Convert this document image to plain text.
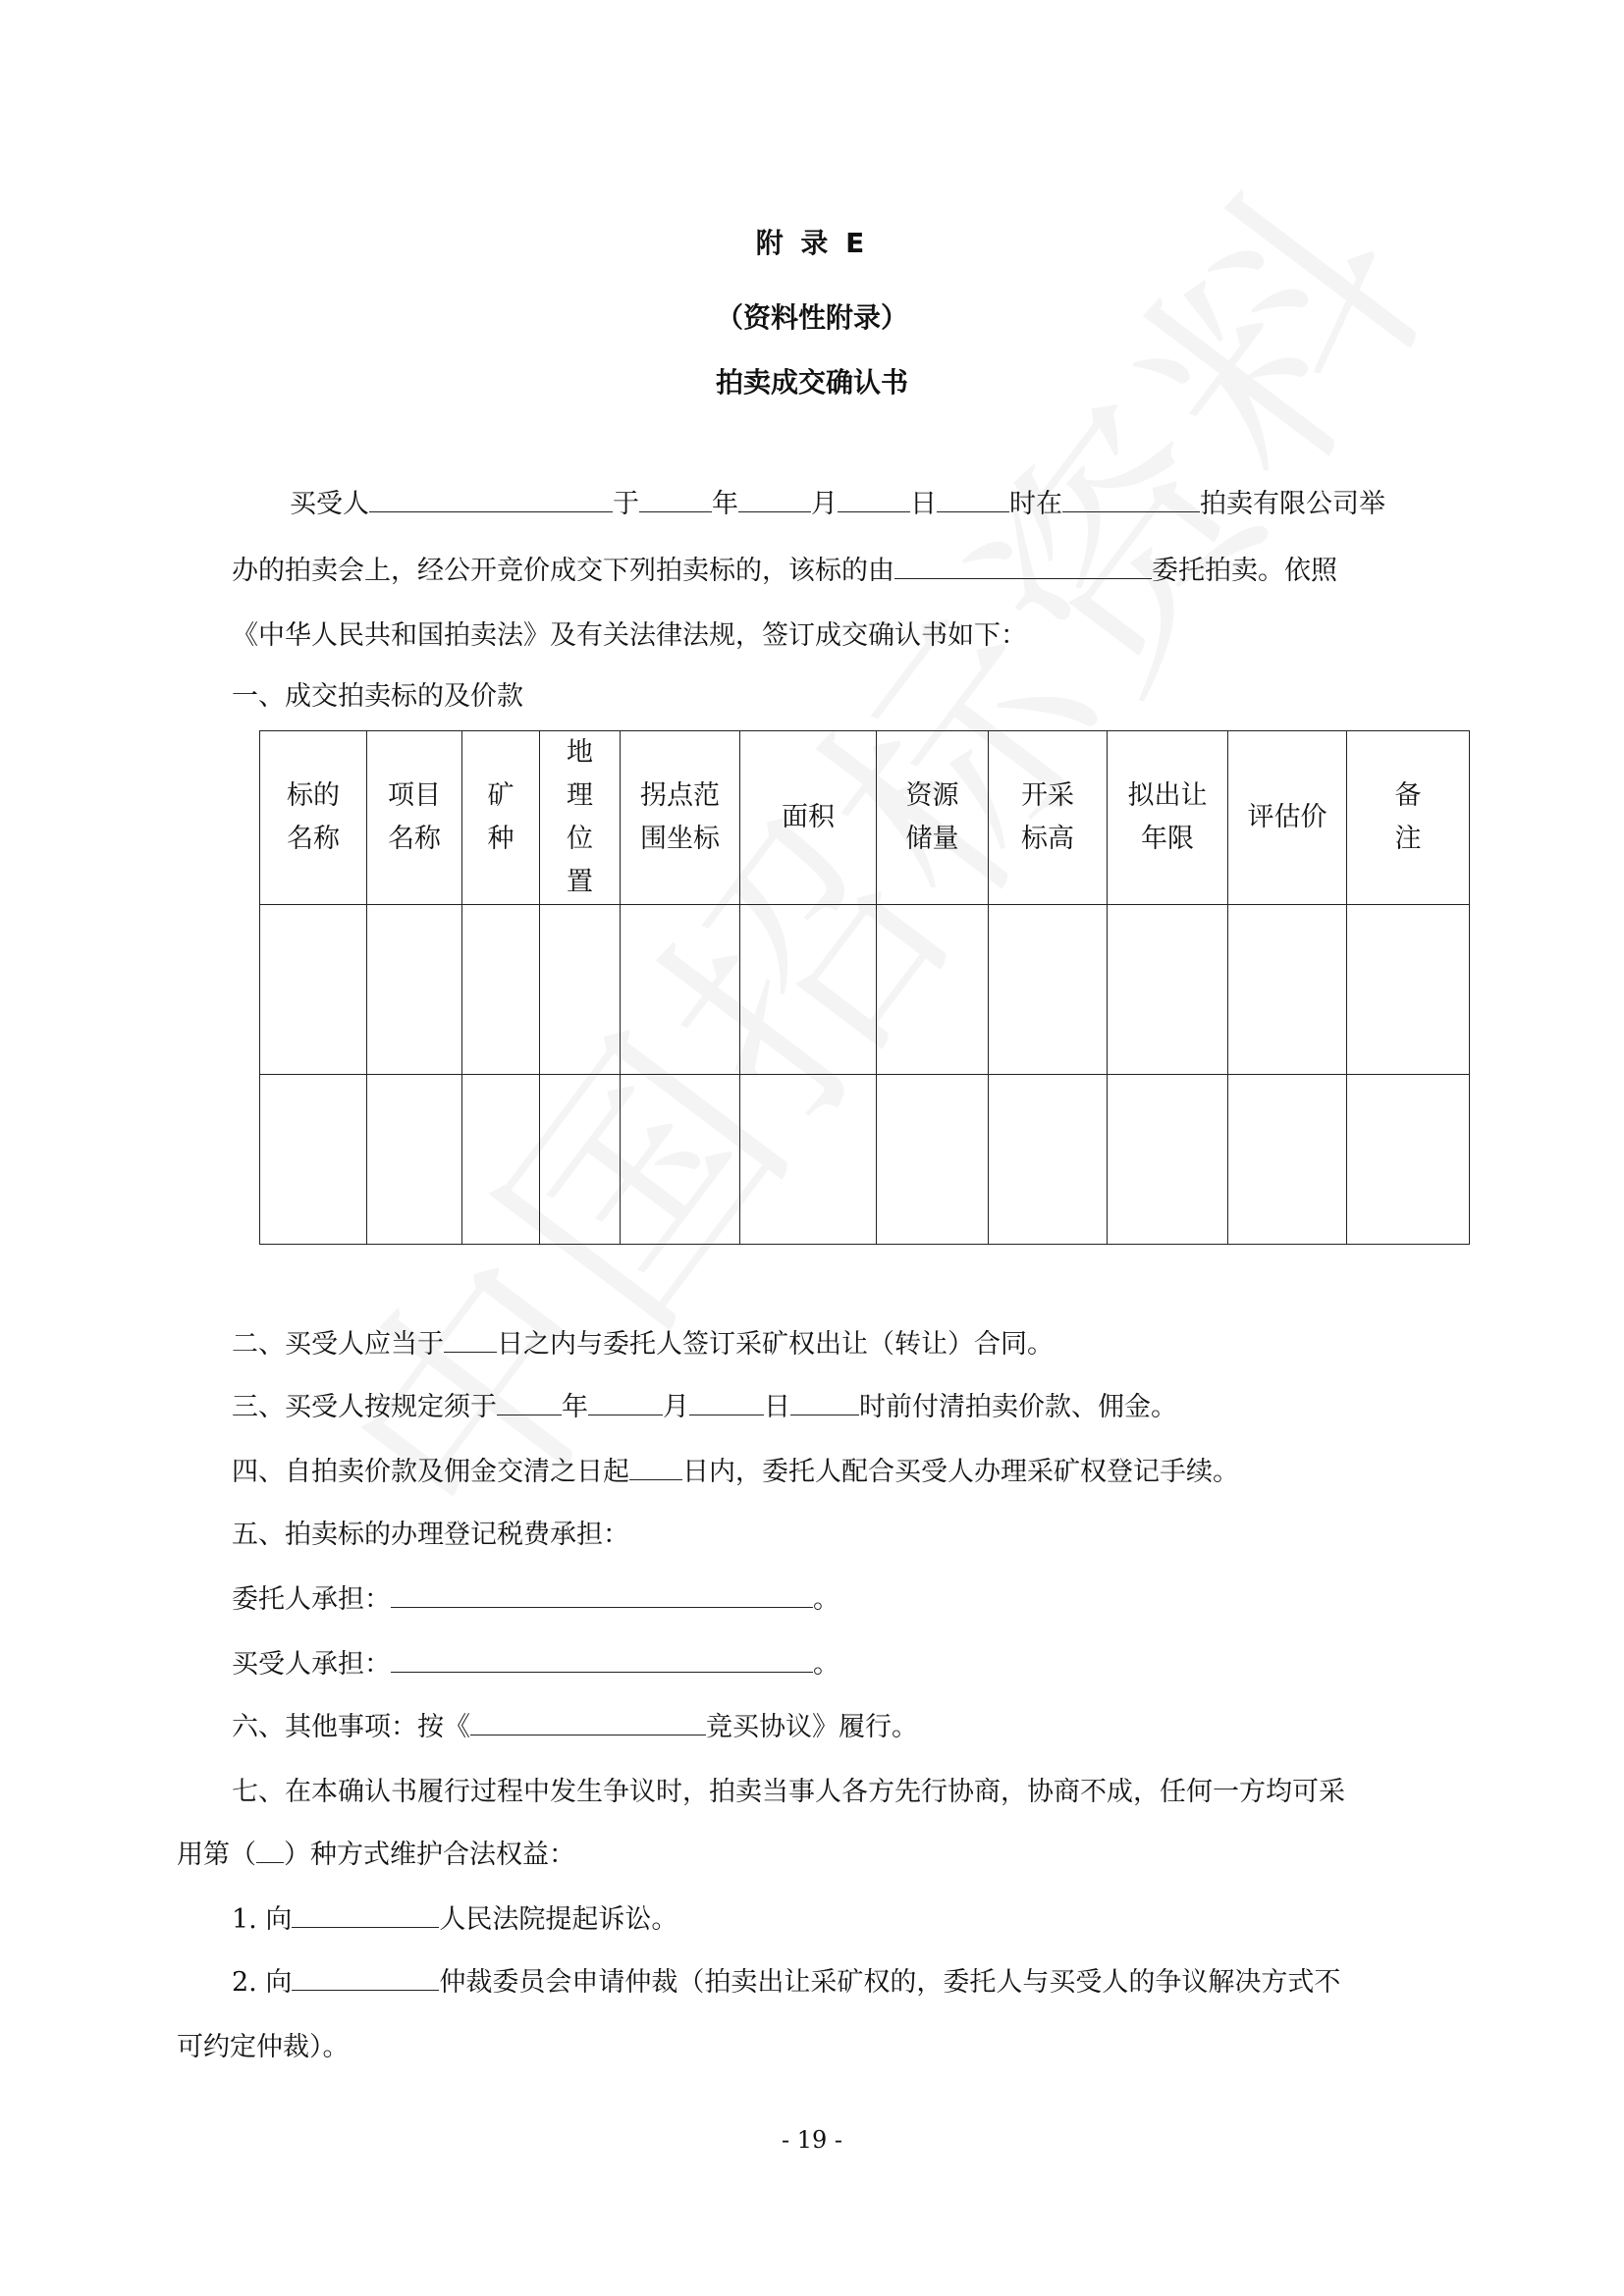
附 录 E
（资料性附录）
拍卖成交确认书
买受人	于	年	月	日	时在	拍卖有限公司举
办的拍卖会上，经公开竞价成交下列拍卖标的，该标的由	委托拍卖。依照
《中华人民共和国拍卖法》及有关法律法规，签订成交确认书如下：
一、成交拍卖标的及价款
标的名称	项目名称	矿种	地理位置	拐点范围坐标	面积	资源储量	开采标高	拟出让年限	评估价	备注

二、买受人应当于 日之内与委托人签订采矿权出让（转让）合同。
三、买受人按规定须于 年	月	日	时前付清拍卖价款、佣金。
四、自拍卖价款及佣金交清之日起 日内，委托人配合买受人办理采矿权登记手续。
五、拍卖标的办理登记税费承担：
委托人承担：	。
买受人承担：	。
六、其他事项：按《	竞买协议》履行。
七、在本确认书履行过程中发生争议时，拍卖当事人各方先行协商，协商不成，任何一方均可采
用第（ ）种方式维护合法权益：
1. 向	人民法院提起诉讼。
2. 向	仲裁委员会申请仲裁（拍卖出让采矿权的，委托人与买受人的争议解决方式不
可约定仲裁）。
- 19 -
